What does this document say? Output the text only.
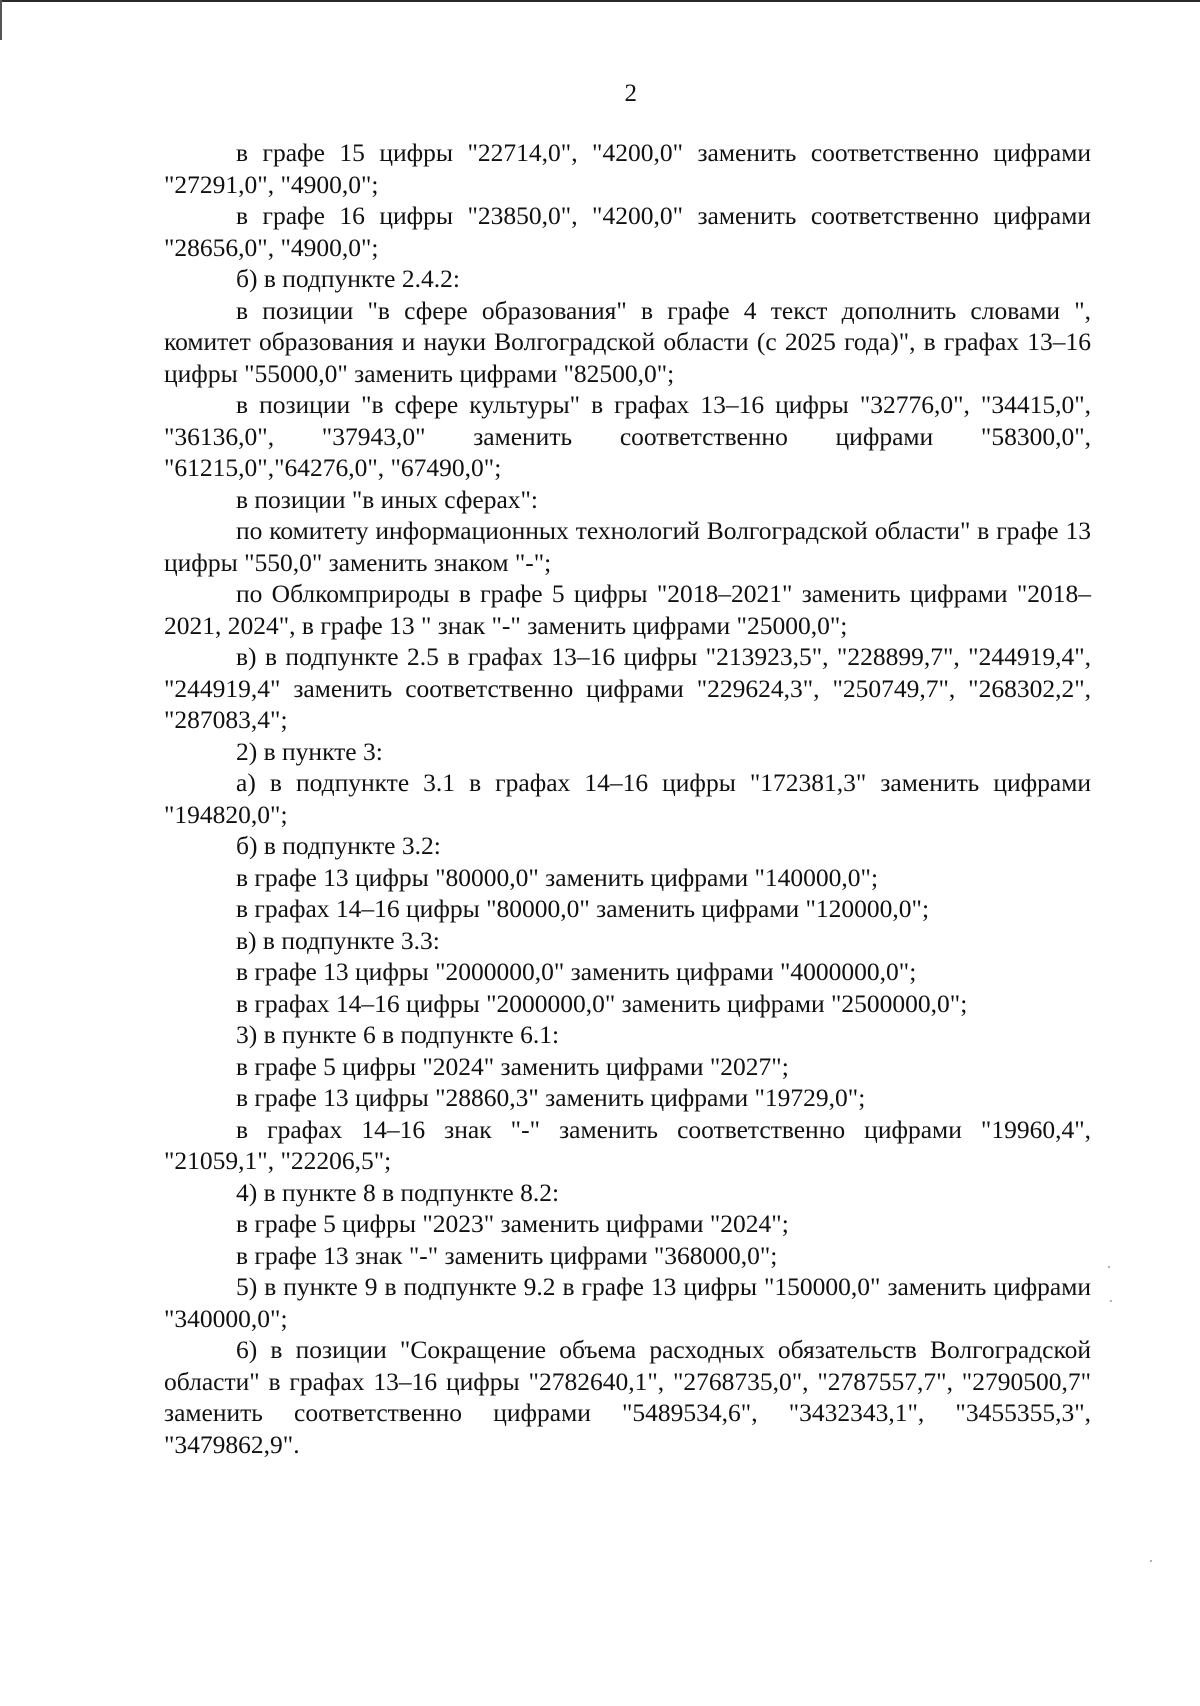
2

в графе 15 цифры "22714,0", "4200,0" заменить соответственно цифрами "27291,0", "4900,0";

в графе 16 цифры "23850,0", "4200,0" заменить соответственно цифрами "28656,0", "4900,0";

б) в подпункте 2.4.2:

в позиции "в сфере образования" в графе 4 текст дополнить словами ", комитет образования и науки Волгоградской области (с 2025 года)", в графах 13–16 цифры "55000,0" заменить цифрами "82500,0";

в позиции "в сфере культуры" в графах 13–16 цифры "32776,0", "34415,0", "36136,0", "37943,0" заменить соответственно цифрами "58300,0", "61215,0","64276,0", "67490,0";

в позиции "в иных сферах":

по комитету информационных технологий Волгоградской области" в графе 13 цифры "550,0" заменить знаком "-";

по Облкомприроды в графе 5 цифры "2018–2021" заменить цифрами "2018–2021, 2024", в графе 13 " знак "-" заменить цифрами "25000,0";

в) в подпункте 2.5 в графах 13–16 цифры "213923,5", "228899,7", "244919,4", "244919,4" заменить соответственно цифрами "229624,3", "250749,7", "268302,2", "287083,4";

2) в пункте 3:

а) в подпункте 3.1 в графах 14–16 цифры "172381,3" заменить цифрами "194820,0";

б) в подпункте 3.2:

в графе 13 цифры "80000,0" заменить цифрами "140000,0";

в графах 14–16 цифры "80000,0" заменить цифрами "120000,0";

в) в подпункте 3.3:

в графе 13 цифры "2000000,0" заменить цифрами "4000000,0";

в графах 14–16 цифры "2000000,0" заменить цифрами "2500000,0";

3) в пункте 6 в подпункте 6.1:

в графе 5 цифры "2024" заменить цифрами "2027";

в графе 13 цифры "28860,3" заменить цифрами "19729,0";

в графах 14–16 знак "-" заменить соответственно цифрами "19960,4", "21059,1", "22206,5";

4) в пункте 8 в подпункте 8.2:

в графе 5 цифры "2023" заменить цифрами "2024";

в графе 13 знак "-" заменить цифрами "368000,0";

5) в пункте 9 в подпункте 9.2 в графе 13 цифры "150000,0" заменить цифрами "340000,0";

6) в позиции "Сокращение объема расходных обязательств Волгоградской области" в графах 13–16 цифры "2782640,1", "2768735,0", "2787557,7", "2790500,7" заменить соответственно цифрами "5489534,6", "3432343,1", "3455355,3", "3479862,9".
